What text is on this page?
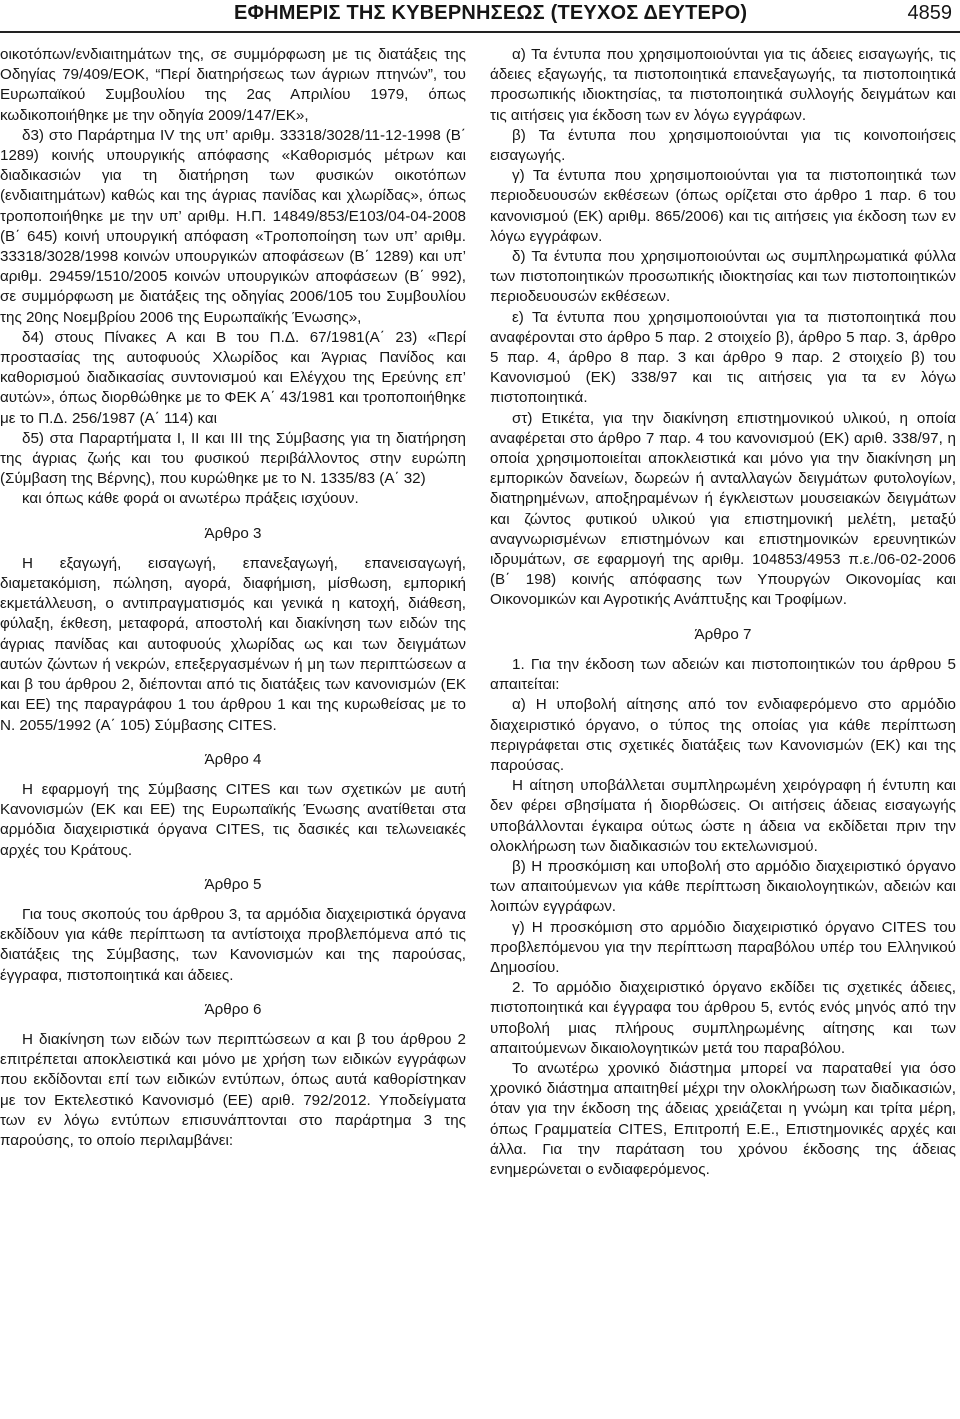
ΕΦΗΜΕΡΙΣ ΤΗΣ ΚΥΒΕΡΝΗΣΕΩΣ (ΤΕΥΧΟΣ ΔΕΥΤΕΡΟ)	4859

οικοτόπων/ενδιαιτημάτων της, σε συμμόρφωση με τις διατάξεις της Οδηγίας 79/409/ΕΟΚ, “Περί διατηρήσεως των άγριων πτηνών”, του Ευρωπαϊκού Συμβουλίου της 2ας Απριλίου 1979, όπως κωδικοποιήθηκε με την οδηγία 2009/147/ΕΚ»,

δ3) στο Παράρτημα IV της υπ’ αριθμ. 33318/3028/11-12-1998 (Β΄ 1289) κοινής υπουργικής απόφασης «Καθορισμός μέτρων και διαδικασιών για τη διατήρηση των φυσικών οικοτόπων (ενδιαιτημάτων) καθώς και της άγριας πανίδας και χλωρίδας», όπως τροποποιήθηκε με την υπ’ αριθμ. Η.Π. 14849/853/Ε103/04-04-2008 (Β΄ 645) κοινή υπουργική απόφαση «Τροποποίηση των υπ’ αριθμ. 33318/3028/1998 κοινών υπουργικών αποφάσεων (Β΄ 1289) και υπ’ αριθμ. 29459/1510/2005 κοινών υπουργικών αποφάσεων (Β΄ 992), σε συμμόρφωση με διατάξεις της οδηγίας 2006/105 του Συμβουλίου της 20ης Νοεμβρίου 2006 της Ευρωπαϊκής Ένωσης»,

δ4) στους Πίνακες Α και Β του Π.Δ. 67/1981(Α΄ 23) «Περί προστασίας της αυτοφυούς Χλωρίδος και Άγριας Πανίδος και καθορισμού διαδικασίας συντονισμού και Ελέγχου της Ερεύνης επ’ αυτών», όπως διορθώθηκε με το ΦΕΚ Α΄ 43/1981 και τροποποιήθηκε με το Π.Δ. 256/1987 (Α΄ 114) και

δ5) στα Παραρτήματα I, II και III της Σύμβασης για τη διατήρηση της άγριας ζωής και του φυσικού περιβάλλοντος στην ευρώπη (Σύμβαση της Βέρνης), που κυρώθηκε με το Ν. 1335/83 (Α΄ 32)

και όπως κάθε φορά οι ανωτέρω πράξεις ισχύουν.

Άρθρο 3

Η εξαγωγή, εισαγωγή, επανεξαγωγή, επανεισαγωγή, διαμετακόμιση, πώληση, αγορά, διαφήμιση, μίσθωση, εμπορική εκμετάλλευση, ο αντιπραγματισμός και γενικά η κατοχή, διάθεση, φύλαξη, έκθεση, μεταφορά, αποστολή και διακίνηση των ειδών της άγριας πανίδας και αυτοφυούς χλωρίδας ως και των δειγμάτων αυτών ζώντων ή νεκρών, επεξεργασμένων ή μη των περιπτώσεων α και β του άρθρου 2, διέπονται από τις διατάξεις των κανονισμών (ΕΚ και ΕΕ) της παραγράφου 1 του άρθρου 1 και της κυρωθείσας με το Ν. 2055/1992 (Α΄ 105) Σύμβασης CITES.

Άρθρο 4

Η εφαρμογή της Σύμβασης CITES και των σχετικών με αυτή Κανονισμών (ΕΚ και ΕΕ) της Ευρωπαϊκής Ένωσης ανατίθεται στα αρμόδια διαχειριστικά όργανα CITES, τις δασικές και τελωνειακές αρχές του Κράτους.

Άρθρο 5

Για τους σκοπούς του άρθρου 3, τα αρμόδια διαχειριστικά όργανα εκδίδουν για κάθε περίπτωση τα αντίστοιχα προβλεπόμενα από τις διατάξεις της Σύμβασης, των Κανονισμών και της παρούσας, έγγραφα, πιστοποιητικά και άδειες.

Άρθρο 6

Η διακίνηση των ειδών των περιπτώσεων α και β του άρθρου 2 επιτρέπεται αποκλειστικά και μόνο με χρήση των ειδικών εγγράφων που εκδίδονται επί των ειδικών εντύπων, όπως αυτά καθορίστηκαν με τον Εκτελεστικό Κανονισμό (ΕΕ) αριθ. 792/2012. Υποδείγματα των εν λόγω εντύπων επισυνάπτονται στο παράρτημα 3 της παρούσης, το οποίο περιλαμβάνει:

α) Τα έντυπα που χρησιμοποιούνται για τις άδειες εισαγωγής, τις άδειες εξαγωγής, τα πιστοποιητικά επανεξαγωγής, τα πιστοποιητικά προσωπικής ιδιοκτησίας, τα πιστοποιητικά συλλογής δειγμάτων και τις αιτήσεις για έκδοση των εν λόγω εγγράφων.

β) Τα έντυπα που χρησιμοποιούνται για τις κοινοποιήσεις εισαγωγής.

γ) Τα έντυπα που χρησιμοποιούνται για τα πιστοποιητικά των περιοδευουσών εκθέσεων (όπως ορίζεται στο άρθρο 1 παρ. 6 του κανονισμού (ΕΚ) αριθμ. 865/2006) και τις αιτήσεις για έκδοση των εν λόγω εγγράφων.

δ) Τα έντυπα που χρησιμοποιούνται ως συμπληρωματικά φύλλα των πιστοποιητικών προσωπικής ιδιοκτησίας και των πιστοποιητικών περιοδευουσών εκθέσεων.

ε) Τα έντυπα που χρησιμοποιούνται για τα πιστοποιητικά που αναφέρονται στο άρθρο 5 παρ. 2 στοιχείο β), άρθρο 5 παρ. 3, άρθρο 5 παρ. 4, άρθρο 8 παρ. 3 και άρθρο 9 παρ. 2 στοιχείο β) του Κανονισμού (ΕΚ) 338/97 και τις αιτήσεις για τα εν λόγω πιστοποιητικά.

στ) Ετικέτα, για την διακίνηση επιστημονικού υλικού, η οποία αναφέρεται στο άρθρο 7 παρ. 4 του κανονισμού (ΕΚ) αριθ. 338/97, η οποία χρησιμοποιείται αποκλειστικά και μόνο για την διακίνηση μη εμπορικών δανείων, δωρεών ή ανταλλαγών δειγμάτων φυτολογίων, διατηρημένων, αποξηραμένων ή έγκλειστων μουσειακών δειγμάτων και ζώντος φυτικού υλικού για επιστημονική μελέτη, μεταξύ αναγνωρισμένων επιστημόνων και επιστημονικών ερευνητικών ιδρυμάτων, σε εφαρμογή της αριθμ. 104853/4953 π.ε./06-02-2006 (Β΄ 198) κοινής απόφασης των Υπουργών Οικονομίας και Οικονομικών και Αγροτικής Ανάπτυξης και Τροφίμων.

Άρθρο 7

1. Για την έκδοση των αδειών και πιστοποιητικών του άρθρου 5 απαιτείται:

α) Η υποβολή αίτησης από τον ενδιαφερόμενο στο αρμόδιο διαχειριστικό όργανο, ο τύπος της οποίας για κάθε περίπτωση περιγράφεται στις σχετικές διατάξεις των Κανονισμών (ΕΚ) και της παρούσας.

Η αίτηση υποβάλλεται συμπληρωμένη χειρόγραφη ή έντυπη και δεν φέρει σβησίματα ή διορθώσεις. Οι αιτήσεις άδειας εισαγωγής υποβάλλονται έγκαιρα ούτως ώστε η άδεια να εκδίδεται πριν την ολοκλήρωση των διαδικασιών του εκτελωνισμού.

β) Η προσκόμιση και υποβολή στο αρμόδιο διαχειριστικό όργανο των απαιτούμενων για κάθε περίπτωση δικαιολογητικών, αδειών και λοιπών εγγράφων.

γ) Η προσκόμιση στο αρμόδιο διαχειριστικό όργανο CITES του προβλεπόμενου για την περίπτωση παραβόλου υπέρ του Ελληνικού Δημοσίου.

2. Το αρμόδιο διαχειριστικό όργανο εκδίδει τις σχετικές άδειες, πιστοποιητικά και έγγραφα του άρθρου 5, εντός ενός μηνός από την υποβολή μιας πλήρους συμπληρωμένης αίτησης και των απαιτούμενων δικαιολογητικών μετά του παραβόλου.

Το ανωτέρω χρονικό διάστημα μπορεί να παραταθεί για όσο χρονικό διάστημα απαιτηθεί μέχρι την ολοκλήρωση των διαδικασιών, όταν για την έκδοση της άδειας χρειάζεται η γνώμη και τρίτα μέρη, όπως Γραμματεία CITES, Επιτροπή Ε.Ε., Επιστημονικές αρχές και άλλα. Για την παράταση του χρόνου έκδοσης της άδειας ενημερώνεται ο ενδιαφερόμενος.
